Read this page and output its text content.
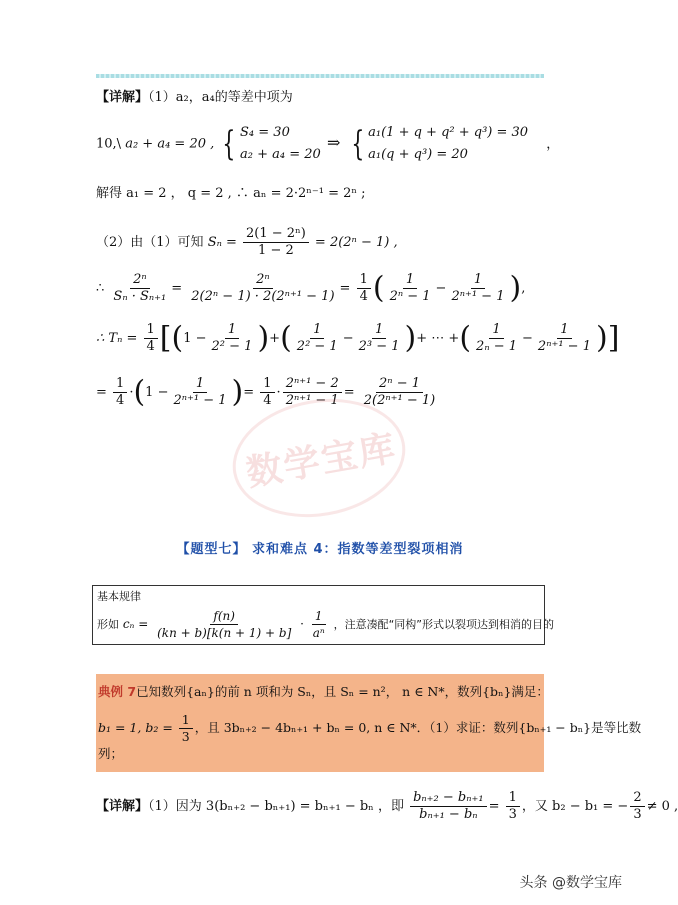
【详解】（1）a₂，a₄的等差中项为
10,\ a₂ + a₄ = 20 , { S₄ = 30
a₂ + a₄ = 20
⇒ { a₁(1 + q + q² + q³) = 30
a₁(q + q³) = 20
，
解得 a₁ = 2 ， q = 2 , ∴ aₙ = 2·2ⁿ⁻¹ = 2ⁿ ;
（2）由（1）可知 $S_n = \frac{\text{2(1 − 2ⁿ)}}{1 - 2} = 2(2^n - 1)$ ,
∴ $\frac{\text{2ⁿ}}{\text{Sₙ · Sₙ₊₁}} = \frac{\text{2ⁿ}}{\text{2(2ⁿ − 1) · 2(2ⁿ⁺¹ − 1)}} = \frac{1}{4}$ ( $\frac{1}{\text{2ⁿ − 1}} - \frac{1}{\text{2ⁿ⁺¹ − 1}}$ ),
∴ $T_n = \frac{1}{4} [(1 - \frac{1}{\text{2² − 1}}$ )+( $\frac{1}{\text{2² − 1}} - \frac{1}{\text{2³ − 1}}$ )+ ⋯ +( $\frac{1}{\text{2ₙ − 1}} - \frac{1}{\text{2ⁿ⁺¹ − 1}}$ )]
= $\frac{1}{4} \cdot(1 - \frac{1}{\text{2ⁿ⁺¹ − 1}}$ )= $\frac{1}{4} \cdot \frac{\text{2ⁿ⁺¹ − 2}}{\text{2ⁿ⁺¹ − 1}} = \frac{\text{2ⁿ − 1}}{\text{2(2ⁿ⁺¹ − 1)}}$
数学宝库
【题型七】 求和难点 4：指数等差型裂项相消
基本规律
形如 $c_n = \frac{f(n)}{(kn + b)[k(n + 1) + b]} \cdot \frac{1}{\text{aⁿ}}$ ，注意凑配“同构”形式以裂项达到相消的目的
典例 7已知数列{aₙ}的前 n 项和为 Sₙ，且 Sₙ = n²， n ∈ N*，数列{bₙ}满足：
b₁ = 1, $b_2 = \frac{1}{3}$ ，且 3bₙ₊₂ − 4bₙ₊₁ + bₙ = 0, n ∈ N*．（1）求证：数列{bₙ₊₁ − bₙ}是等比数
列；
【详解】（1）因为 3(bₙ₊₂ − bₙ₊₁) = bₙ₊₁ − bₙ ，即 $\frac{\text{bₙ₊₂ − bₙ₊₁}}{\text{bₙ₊₁ − bₙ}} = \frac{1}{3}$ ，又 b₂ − b₁ = − $\frac{2}{3} \ne 0$ ,
头条 @数学宝库
